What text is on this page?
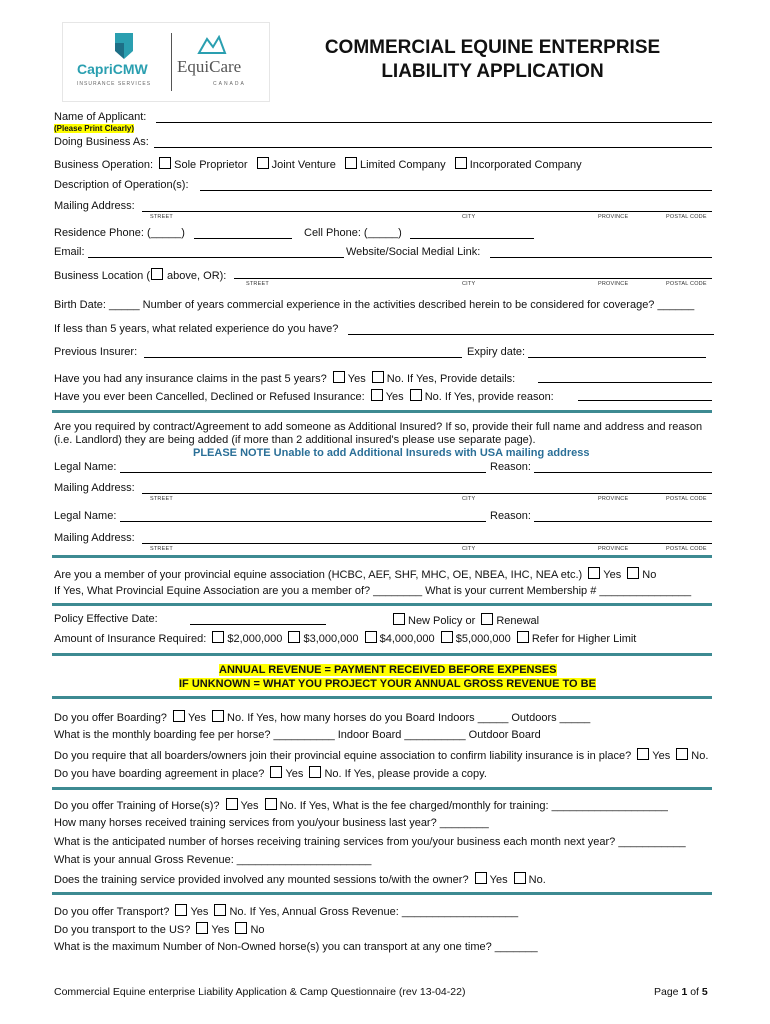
CapriCMW
INSURANCE SERVICES
EquiCare
CANADA
COMMERCIAL EQUINE ENTERPRISE
LIABILITY APPLICATION
Name of Applicant:
(Please Print Clearly)
Doing Business As:
Business Operation: Sole Proprietor Joint Venture Limited Company Incorporated Company
Description of Operation(s):
Mailing Address:
STREET	CITY	PROVINCE	POSTAL CODE
Residence Phone: (_____)	Cell Phone: (_____)
Email:	Website/Social Medial Link:
Business Location ( above, OR):
STREET	CITY	PROVINCE	POSTAL CODE
Birth Date: _____ Number of years commercial experience in the activities described herein to be considered for coverage? ______
If less than 5 years, what related experience do you have?
Previous Insurer:	Expiry date:
Have you had any insurance claims in the past 5 years? Yes No. If Yes, Provide details:
Have you ever been Cancelled, Declined or Refused Insurance: Yes No. If Yes, provide reason:
Are you required by contract/Agreement to add someone as Additional Insured? If so, provide their full name and address and reason
(i.e. Landlord) they are being added (if more than 2 additional insured's please use separate page).
PLEASE NOTE Unable to add Additional Insureds with USA mailing address
Legal Name:	Reason:
Mailing Address:
STREET	CITY	PROVINCE	POSTAL CODE
Legal Name:	Reason:
Mailing Address:
STREET	CITY	PROVINCE	POSTAL CODE
Are you a member of your provincial equine association (HCBC, AEF, SHF, MHC, OE, NBEA, IHC, NEA etc.) Yes No
If Yes, What Provincial Equine Association are you a member of? ________ What is your current Membership # _______________
Policy Effective Date:	New Policy or Renewal
Amount of Insurance Required: $2,000,000 $3,000,000 $4,000,000 $5,000,000 Refer for Higher Limit
ANNUAL REVENUE = PAYMENT RECEIVED BEFORE EXPENSES
IF UNKNOWN = WHAT YOU PROJECT YOUR ANNUAL GROSS REVENUE TO BE
Do you offer Boarding? Yes No. If Yes, how many horses do you Board Indoors _____ Outdoors _____
What is the monthly boarding fee per horse? __________ Indoor Board __________ Outdoor Board
Do you require that all boarders/owners join their provincial equine association to confirm liability insurance is in place? Yes No.
Do you have boarding agreement in place? Yes No. If Yes, please provide a copy.
Do you offer Training of Horse(s)? Yes No. If Yes, What is the fee charged/monthly for training: ___________________
How many horses received training services from you/your business last year? ________
What is the anticipated number of horses receiving training services from you/your business each month next year? ___________
What is your annual Gross Revenue: ______________________
Does the training service provided involved any mounted sessions to/with the owner? Yes No.
Do you offer Transport? Yes No. If Yes, Annual Gross Revenue: ___________________
Do you transport to the US? Yes No
What is the maximum Number of Non-Owned horse(s) you can transport at any one time? _______
Commercial Equine enterprise Liability Application & Camp Questionnaire (rev 13-04-22)	Page 1 of 5
